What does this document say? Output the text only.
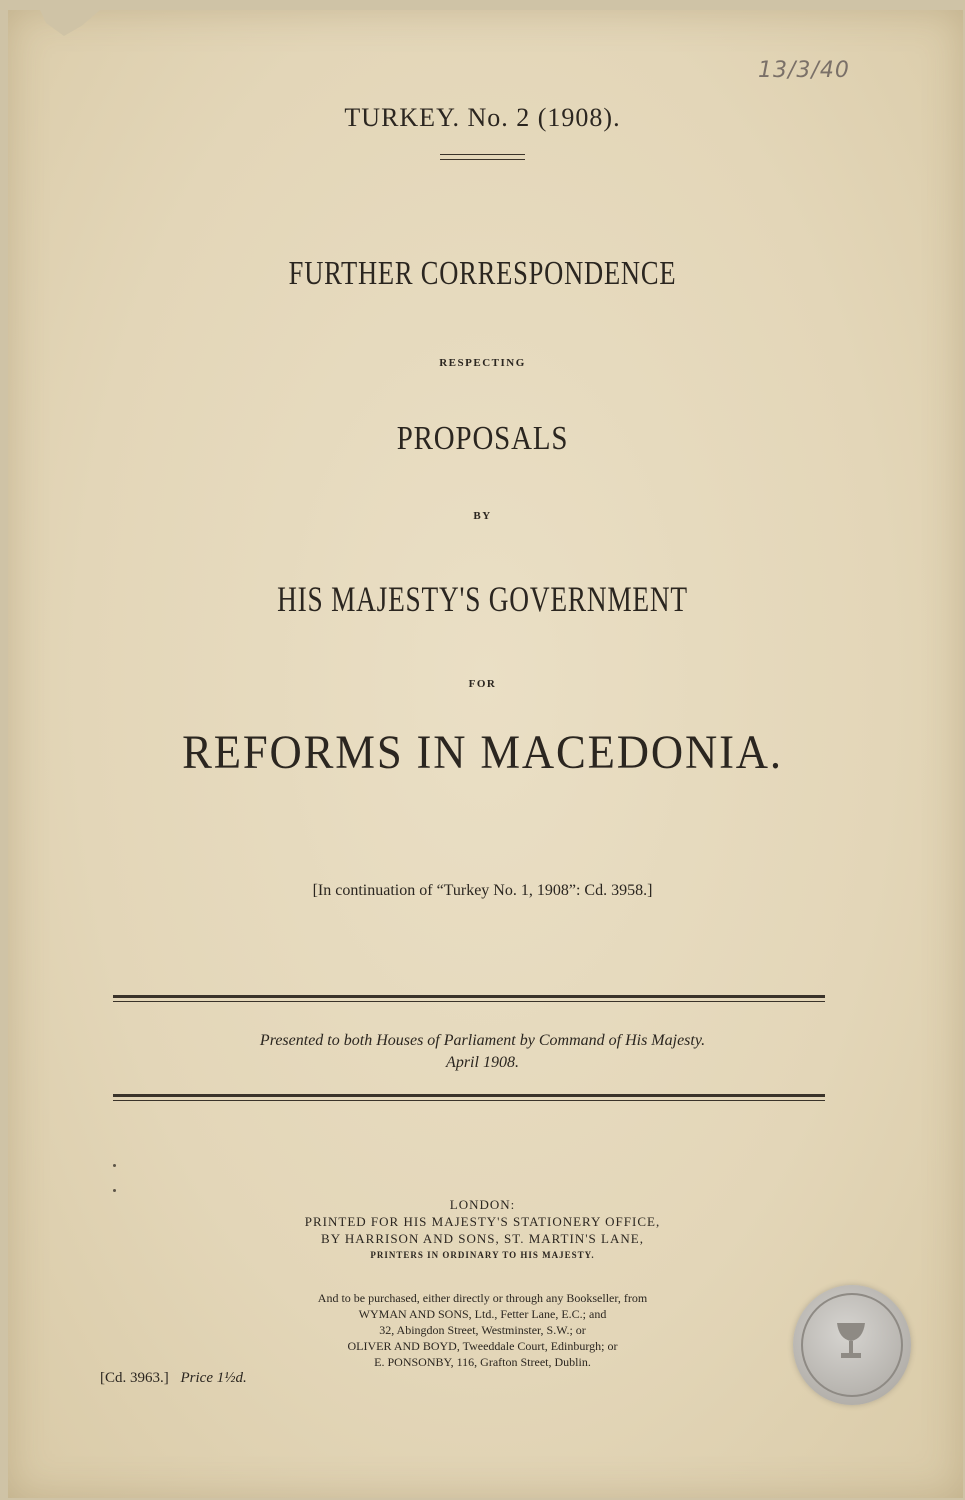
13/3/40
TURKEY. No. 2 (1908).
FURTHER CORRESPONDENCE
RESPECTING
PROPOSALS
BY
HIS MAJESTY'S GOVERNMENT
FOR
REFORMS IN MACEDONIA.
[In continuation of “Turkey No. 1, 1908”: Cd. 3958.]
Presented to both Houses of Parliament by Command of His Majesty.
April 1908.
LONDON:
PRINTED FOR HIS MAJESTY'S STATIONERY OFFICE,
BY HARRISON AND SONS, ST. MARTIN'S LANE,
PRINTERS IN ORDINARY TO HIS MAJESTY.
And to be purchased, either directly or through any Bookseller, from
WYMAN AND SONS, Ltd., Fetter Lane, E.C.; and
32, Abingdon Street, Westminster, S.W.; or
OLIVER AND BOYD, Tweeddale Court, Edinburgh; or
E. PONSONBY, 116, Grafton Street, Dublin.
[Cd. 3963.] Price 1½d.
